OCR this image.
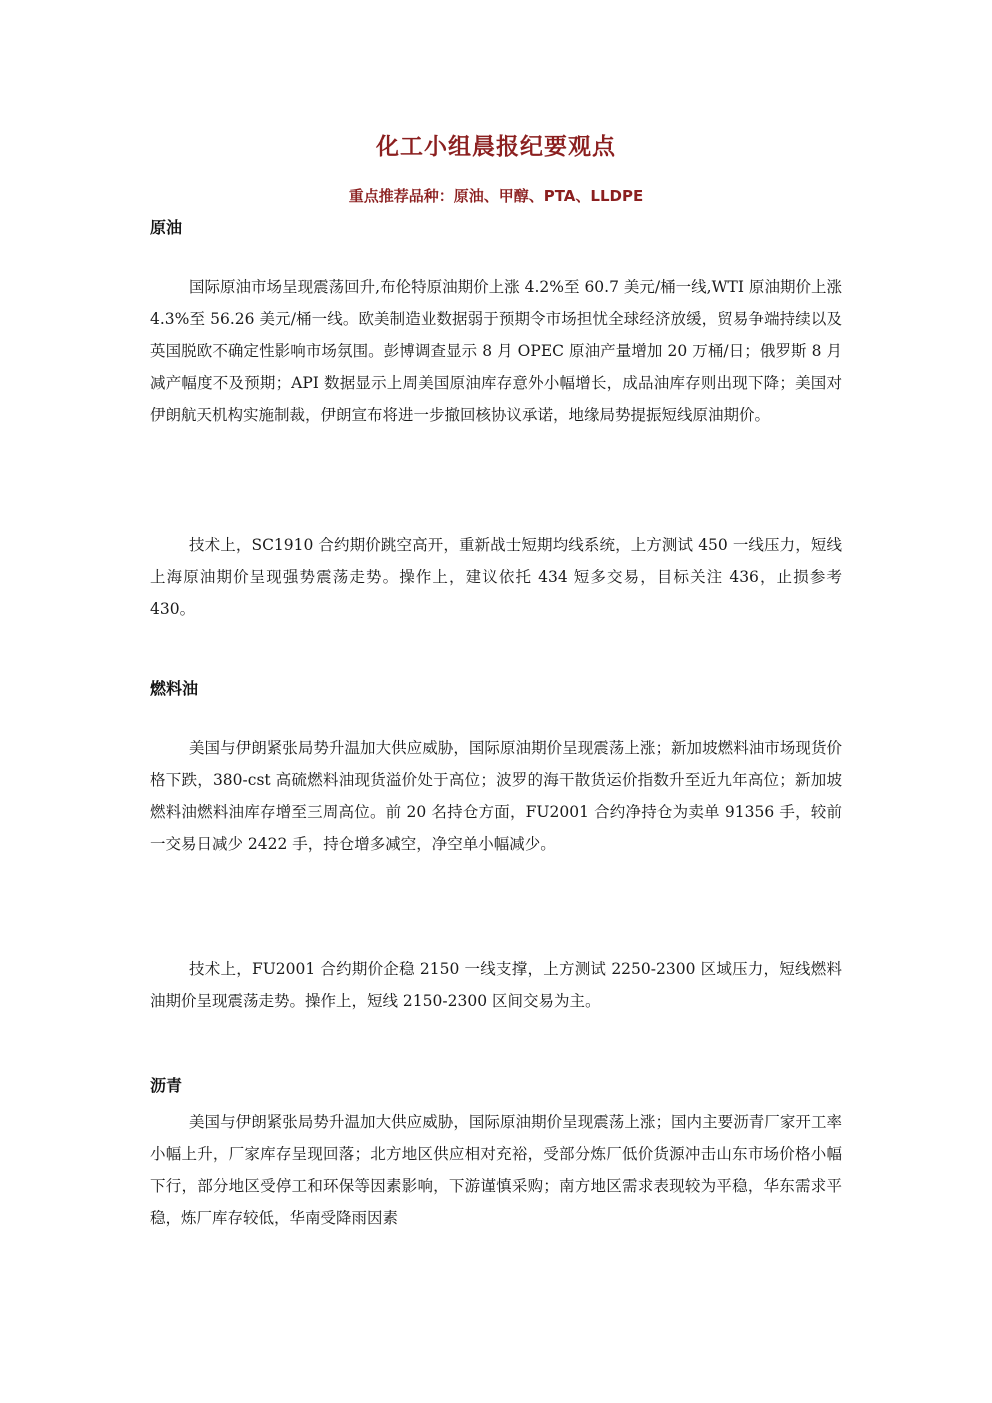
化工小组晨报纪要观点
重点推荐品种：原油、甲醇、PTA、LLDPE
原油
国际原油市场呈现震荡回升,布伦特原油期价上涨 4.2%至 60.7 美元/桶一线,WTI 原油期价上涨 4.3%至 56.26 美元/桶一线。欧美制造业数据弱于预期令市场担忧全球经济放缓，贸易争端持续以及英国脱欧不确定性影响市场氛围。彭博调查显示 8 月 OPEC 原油产量增加 20 万桶/日；俄罗斯 8 月减产幅度不及预期；API 数据显示上周美国原油库存意外小幅增长，成品油库存则出现下降；美国对伊朗航天机构实施制裁，伊朗宣布将进一步撤回核协议承诺，地缘局势提振短线原油期价。
技术上，SC1910 合约期价跳空高开，重新战士短期均线系统，上方测试 450 一线压力，短线上海原油期价呈现强势震荡走势。操作上，建议依托 434 短多交易，目标关注 436，止损参考 430。
燃料油
美国与伊朗紧张局势升温加大供应威胁，国际原油期价呈现震荡上涨；新加坡燃料油市场现货价格下跌，380-cst 高硫燃料油现货溢价处于高位；波罗的海干散货运价指数升至近九年高位；新加坡燃料油燃料油库存增至三周高位。前 20 名持仓方面，FU2001 合约净持仓为卖单 91356 手，较前一交易日减少 2422 手，持仓增多减空，净空单小幅减少。
技术上，FU2001 合约期价企稳 2150 一线支撑，上方测试 2250-2300 区域压力，短线燃料油期价呈现震荡走势。操作上，短线 2150-2300 区间交易为主。
沥青
美国与伊朗紧张局势升温加大供应威胁，国际原油期价呈现震荡上涨；国内主要沥青厂家开工率小幅上升，厂家库存呈现回落；北方地区供应相对充裕，受部分炼厂低价货源冲击山东市场价格小幅下行，部分地区受停工和环保等因素影响，下游谨慎采购；南方地区需求表现较为平稳，华东需求平稳，炼厂库存较低，华南受降雨因素
